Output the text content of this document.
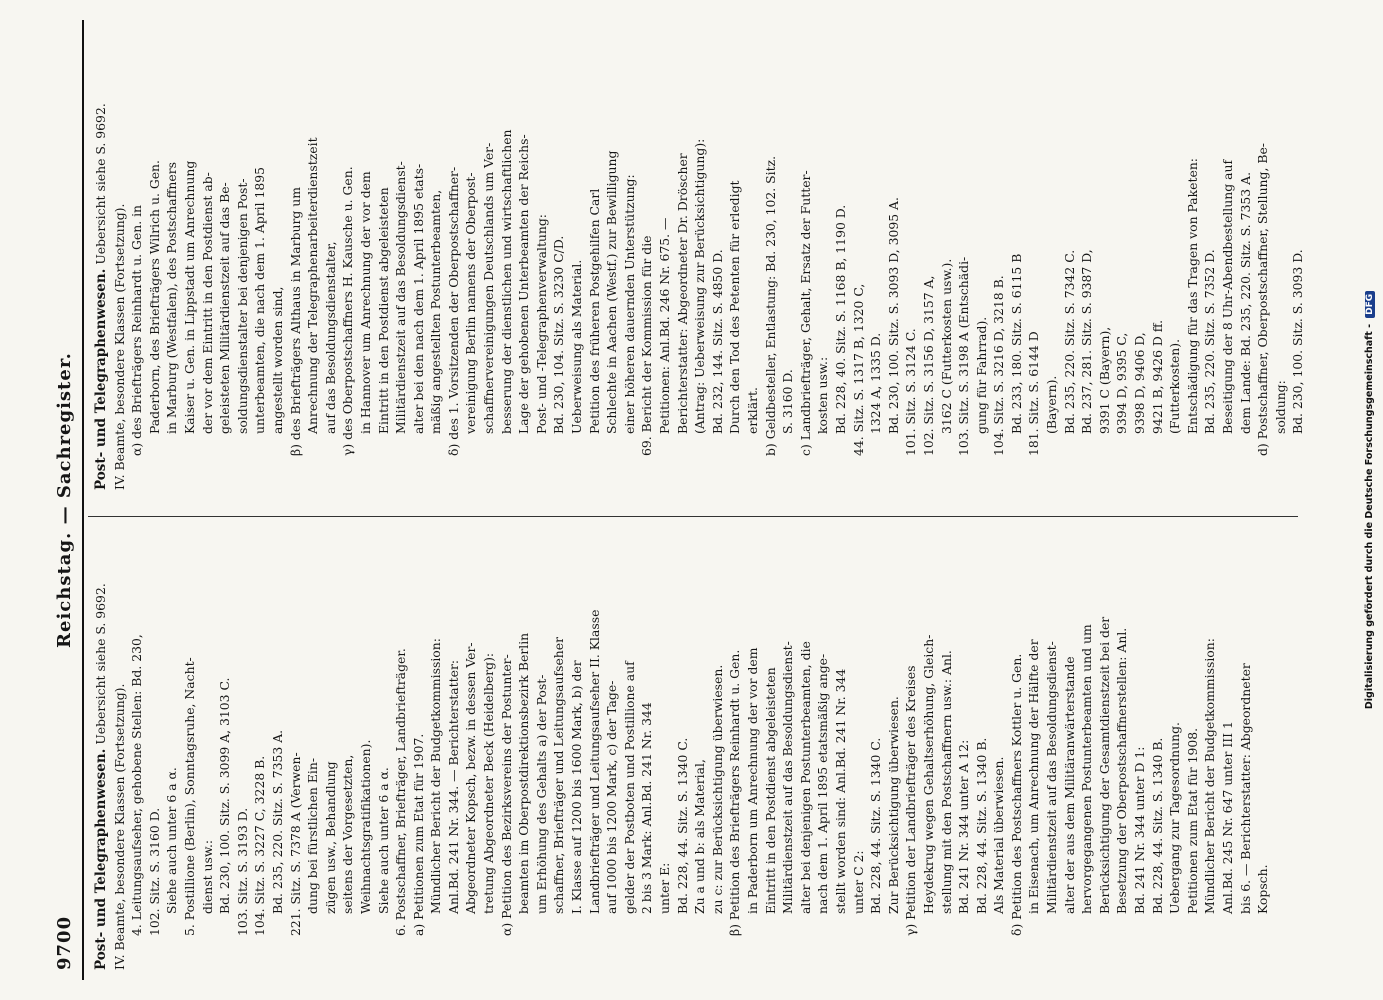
9700
Reichstag. — Sachregister.
Post- und Telegraphenwesen. Uebersicht siehe S. 9692.
IV. Beamte, besondere Klassen (Fortsetzung). 4. Leitungsaufseher, gehobene Stellen: Bd. 230, 102. Sitz. S. 3160 D. Siehe auch unter 6 a α. 5. Postillione (Berlin), Sonntagsruhe, Nacht- dienst usw.: Bd. 230, 100. Sitz. S. 3099 A, 3103 C. 103. Sitz. S. 3193 D. 104. Sitz. S. 3227 C, 3228 B. Bd. 235, 220. Sitz. S. 7353 A. 221. Sitz. S. 7378 A (Verwen- dung bei fürstlichen Ein- zügen usw., Behandlung seitens der Vorgesetzten, Weihnachtsgratifikationen). Siehe auch unter 6 a α. 6. Postschaffner, Briefträger, Landbriefträger. a) Petitionen zum Etat für 1907. Mündlicher Bericht der Budgetkommission: Anl.Bd. 241 Nr. 344. — Berichterstatter: Abgeordneter Kopsch, bezw. in dessen Ver- tretung Abgeordneter Beck (Heidelberg): α) Petition des Bezirksvereins der Postunter- beamten im Oberpostdirektionsbezirk Berlin um Erhöhung des Gehalts a) der Post- schaffner, Briefträger und Leitungsaufseher I. Klasse auf 1200 bis 1600 Mark, b) der Landbriefträger und Leitungsaufseher II. Klasse auf 1000 bis 1200 Mark, c) der Tage- gelder der Postboten und Postillione auf 2 bis 3 Mark: Anl.Bd. 241 Nr. 344 unter E: Bd. 228, 44. Sitz. S. 1340 C. Zu a und b: als Material, zu c: zur Berücksichtigung überwiesen. β) Petition des Briefträgers Reinhardt u. Gen. in Paderborn um Anrechnung der vor dem Eintritt in den Postdienst abgeleisteten Militärdienstzeit auf das Besoldungsdienst- alter bei denjenigen Postunterbeamten, die nach dem 1. April 1895 etatsmäßig ange- stellt worden sind: Anl.Bd. 241 Nr. 344 unter C 2: Bd. 228, 44. Sitz. S. 1340 C. Zur Berücksichtigung überwiesen. γ) Petition der Landbriefträger des Kreises Heydekrug wegen Gehaltserhöhung, Gleich- stellung mit den Postschaffnern usw.: Anl. Bd. 241 Nr. 344 unter A 12: Bd. 228, 44. Sitz. S. 1340 B. Als Material überwiesen. δ) Petition des Postschaffners Kottler u. Gen. in Eisenach, um Anrechnung der Hälfte der Militärdienstzeit auf das Besoldungsdienst- alter der aus dem Militäranwärterstande hervorgegangenen Postunterbeamten und um Berücksichtigung der Gesamtdienstzeit bei der Besetzung der Oberpostschaffnerstellen: Anl. Bd. 241 Nr. 344 unter D 1: Bd. 228, 44. Sitz. S. 1340 B. Uebergang zur Tagesordnung. Petitionen zum Etat für 1908. Mündlicher Bericht der Budgetkommission: Anl.Bd. 245 Nr. 647 unter III 1 bis 6. — Berichterstatter: Abgeordneter Kopsch.
Post- und Telegraphenwesen. Uebersicht siehe S. 9692.
IV. Beamte, besondere Klassen (Fortsetzung). α) des Briefträgers Reinhardt u. Gen. in Paderborn, des Briefträgers Wilrich u. Gen. in Marburg (Westfalen), des Postschaffners Kaiser u. Gen. in Lippstadt um Anrechnung der vor dem Eintritt in den Postdienst ab- geleisteten Militärdienstzeit auf das Be- soldungsdienstalter bei denjenigen Post- unterbeamten, die nach dem 1. April 1895 angestellt worden sind, β) des Briefträgers Althaus in Marburg um Anrechnung der Telegraphenarbeiterdienstzeit auf das Besoldungsdienstalter, γ) des Oberpostschaffners H. Kausche u. Gen. in Hannover um Anrechnung der vor dem Eintritt in den Postdienst abgeleisteten Militärdienstzeit auf das Besoldungsdienst- alter bei den nach dem 1. April 1895 etats- mäßig angestellten Postunterbeamten, δ) des 1. Vorsitzenden der Oberpostschaffner- vereinigung Berlin namens der Oberpost- schaffnervereinigungen Deutschlands um Ver- besserung der dienstlichen und wirtschaftlichen Lage der gehobenen Unterbeamten der Reichs- Post- und -Telegraphenverwaltung: Bd. 230, 104. Sitz. S. 3230 C/D. Ueberweisung als Material. Petition des früheren Postgehilfen Carl Schlechte in Aachen (Westf.) zur Bewilligung einer höheren dauernden Unterstützung: 69. Bericht der Kommission für die Petitionen: Anl.Bd. 246 Nr. 675. — Berichterstatter: Abgeordneter Dr. Dröscher (Antrag: Ueberweisung zur Berücksichtigung): Bd. 232, 144. Sitz. S. 4850 D. Durch den Tod des Petenten für erledigt erklärt. b) Geldbesteller, Entlastung: Bd. 230, 102. Sitz. S. 3160 D. c) Landbriefträger, Gehalt, Ersatz der Futter- kosten usw.: Bd. 228, 40. Sitz. S. 1168 B, 1190 D. 44. Sitz. S. 1317 B, 1320 C, 1324 A, 1335 D. Bd. 230, 100. Sitz. S. 3093 D, 3095 A. 101. Sitz. S. 3124 C. 102. Sitz. S. 3156 D, 3157 A, 3162 C (Futterkosten usw.). 103. Sitz. S. 3198 A (Entschädi- gung für Fahrrad). 104. Sitz. S. 3216 D, 3218 B. Bd. 233, 180. Sitz. S. 6115 B 181. Sitz. S. 6144 D (Bayern). Bd. 235, 220. Sitz. S. 7342 C. Bd. 237, 281. Sitz. S. 9387 D, 9391 C (Bayern), 9394 D, 9395 C, 9398 D, 9406 D, 9421 B, 9426 D ff. (Futterkosten). Entschädigung für das Tragen von Paketen: Bd. 235, 220. Sitz. S. 7352 D. Beseitigung der 8 Uhr-Abendbestellung auf dem Lande: Bd. 235, 220. Sitz. S. 7353 A. d) Postschaffner, Oberpostschaffner, Stellung, Be- soldung: Bd. 230, 100. Sitz. S. 3093 D.	Digitalisierung gefördert durch die Deutsche Forschungsgemeinschaft -DFG
